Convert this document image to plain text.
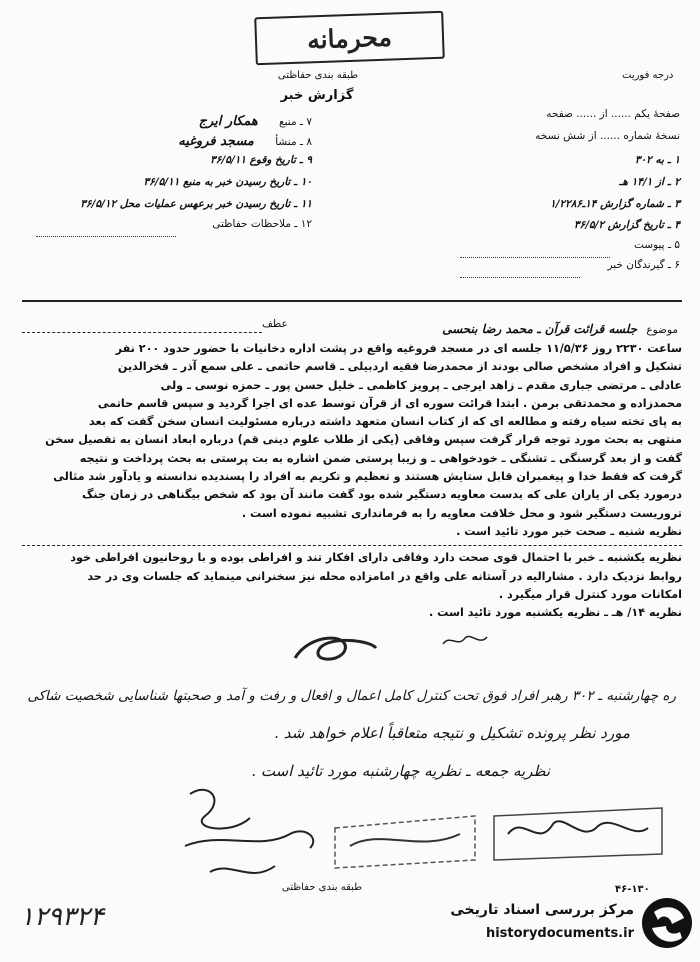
محرمانه
طبقه بندی حفاظتی
گزارش خبر
درجه فوریت
صفحهٔ یکم ...... از ...... صفحه
نسخهٔ شماره ...... از شش نسخه
۱ ـ به ۳۰۲
۲ ـ از ۱۴/۱ هـ
۳ ـ شماره گزارش ۱۴ـ۱/۲۲۸۶
۴ ـ تاریخ گزارش ۳۶/۵/۲
۵ ـ پیوست
۶ ـ گیرندگان خبر
۷ ـ منبع همکار ایرج
۸ ـ منشأ مسجد فروغیه
۹ ـ تاریخ وقوع ۳۶/۵/۱۱
۱۰ ـ تاریخ رسیدن خبر به منبع ۳۶/۵/۱۱
۱۱ ـ تاریخ رسیدن خبر برعهس عملیات محل ۳۶/۵/۱۲
۱۲ ـ ملاحظات حفاظتی
موضوع جلسه قرائت قرآن ـ محمد رضا بنحسی
عطف

ساعت ۲۲۳۰ روز ۱۱/۵/۳۶ جلسه ای در مسجد فروغیه واقع در پشت اداره دخانیات با حضور حدود ۲۰۰ نفر

تشکیل و افراد مشخص صالی بودند از محمدرضا فقیه اردبیلی ـ قاسم حاتمی ـ علی سمع آذر ـ فخرالدین

عادلی ـ مرتضی جباری مقدم ـ زاهد ایرجی ـ پرویز کاظمی ـ خلیل حسن پور ـ حمزه نوسی ـ ولی

محمدزاده و محمدتقی برمن . ابتدا قرائت سوره ای از قرآن توسط عده ای اجرا گردید و سپس قاسم حاتمی

به پای تخته سیاه رفته و مطالعه ای که از کتاب انسان متعهد داشته درباره مسئولیت انسان سخن گفت که بعد

منتهی به بحث مورد توجه قرار گرفت سپس وفاقی (یکی از طلاب علوم دینی قم) درباره ابعاد انسان به تفصیل سخن

گفت و از بعد گرسنگی ـ تشنگی ـ خودخواهی ـ و زیبا پرستی ضمن اشاره به بت پرستی به بحث پرداخت و نتیجه

گرفت که فقط خدا و پیغمبران قابل ستایش هستند و تعظیم و تکریم به افراد را پسندیده ندانسته و یادآور شد مثالی

درمورد یکی از یاران علی که بدست معاویه دستگیر شده بود گفت مانند آن بود که شخص بیگناهی در زمان جنگ

تروریست دستگیر شود و محل خلافت معاویه را به فرمانداری تشبیه نموده است .

نظریه شنبه ـ صحت خبر مورد تائید است .

نظریه یکشنبه ـ خبر با احتمال قوی صحت دارد وفاقی دارای افکار تند و افراطی بوده و با روحانیون افراطی خود

روابط نزدیک دارد . مشارالیه در آستانه علی واقع در امامزاده محله نیز سخنرانی مینماید که جلسات وی در حد

امکانات مورد کنترل قرار میگیرد .

نظریه ۱۴/ هـ ـ نظریه یکشنبه مورد تائید است .

ره چهارشنبه ـ ۳۰۲ رهبر افراد فوق تحت کنترل کامل اعمال و افعال و رفت و آمد و صحبتها شناسایی شخصیت شاکی
مورد نظر پرونده تشکیل و نتیجه متعاقباً اعلام خواهد شد .
نظریه جمعه ـ نظریه چهارشنبه مورد تائید است .
طبقه بندی حفاظتی	۴۶-۱۳۰
۱۲۹۳۲۴	مرکز بررسی اسناد تاریخی
historydocuments.ir
